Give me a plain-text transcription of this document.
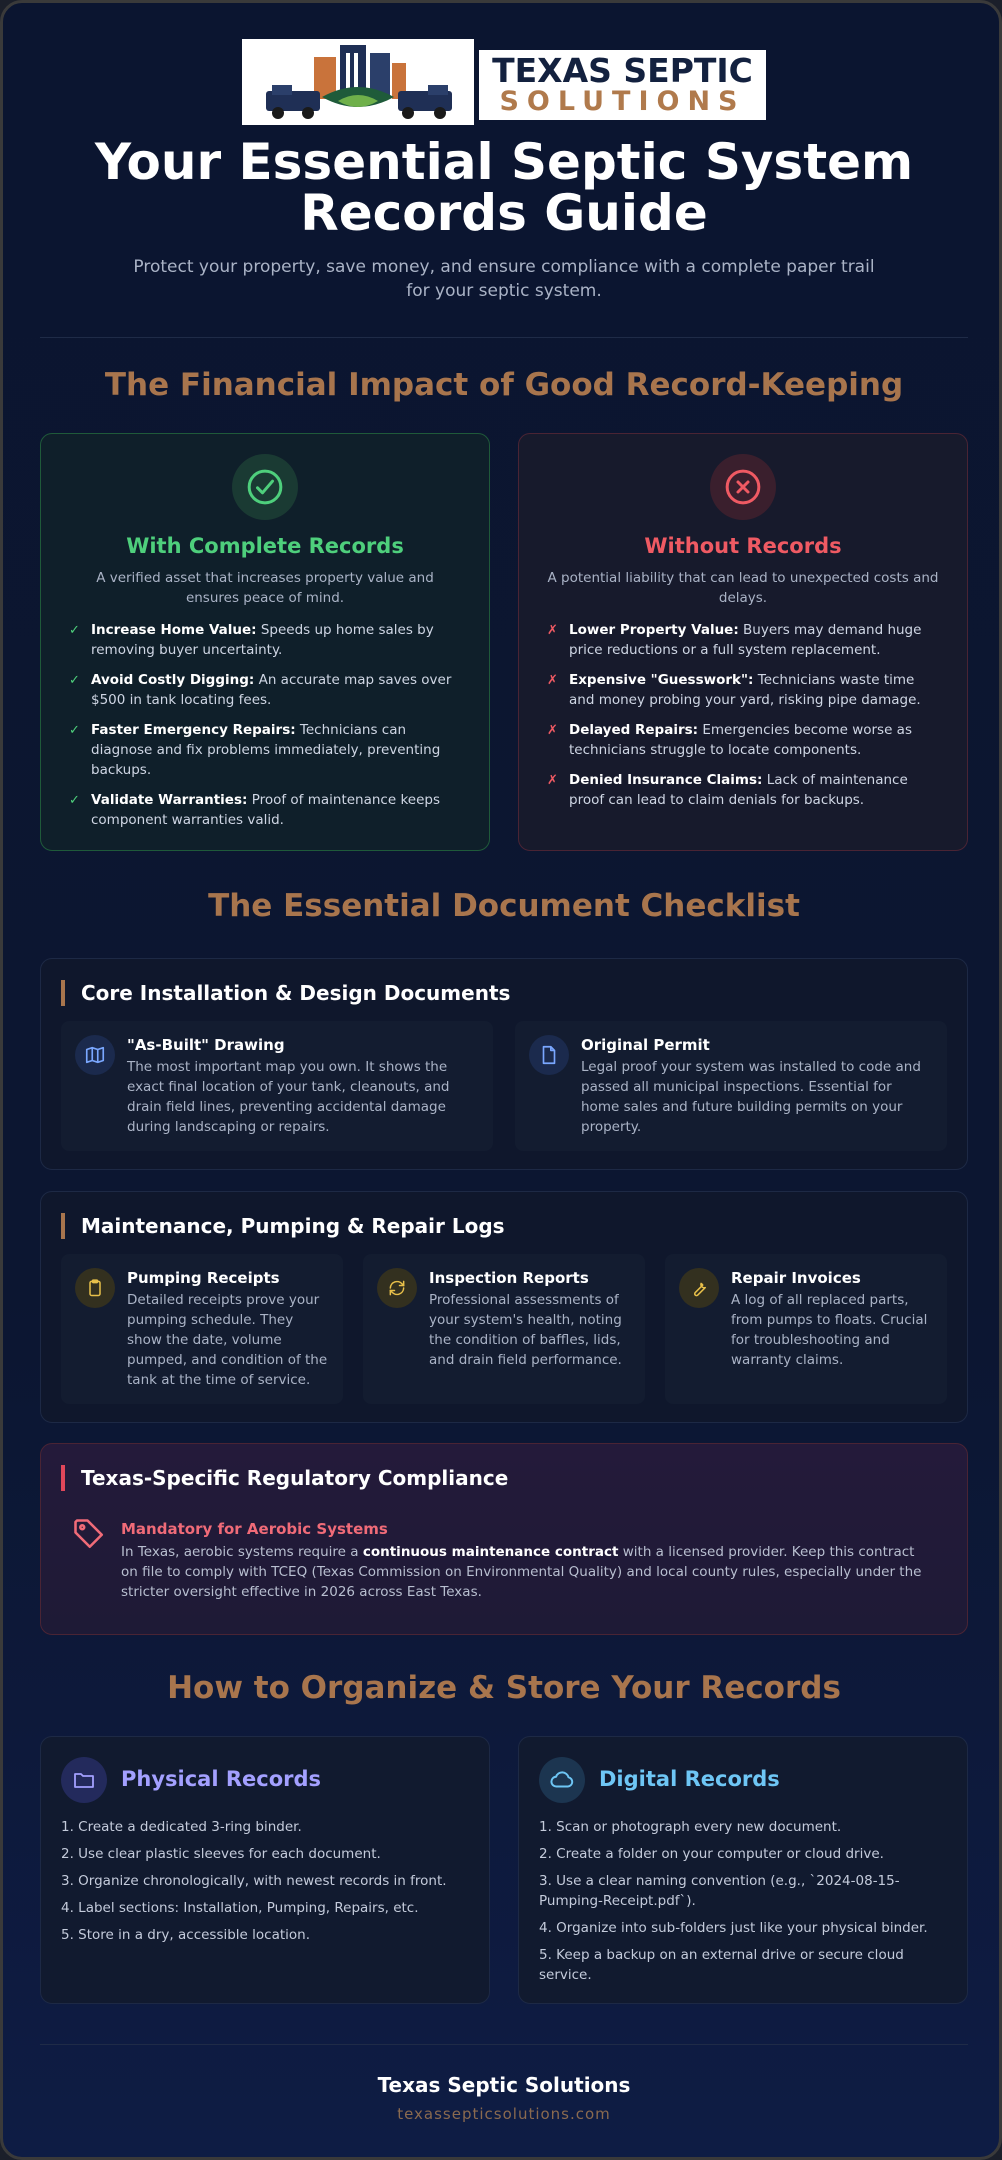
TEXAS SEPTIC
SOLUTIONS
Your Essential Septic System Records Guide

Protect your property, save money, and ensure compliance with a complete paper trail for your septic system.

The Financial Impact of Good Record-Keeping
With Complete Records
A verified asset that increases property value and ensures peace of mind.
✓ Increase Home Value: Speeds up home sales by removing buyer uncertainty.
✓ Avoid Costly Digging: An accurate map saves over $500 in tank locating fees.
✓ Faster Emergency Repairs: Technicians can diagnose and fix problems immediately, preventing backups.
✓ Validate Warranties: Proof of maintenance keeps component warranties valid.
Without Records
A potential liability that can lead to unexpected costs and delays.
✗ Lower Property Value: Buyers may demand huge price reductions or a full system replacement.
✗ Expensive "Guesswork": Technicians waste time and money probing your yard, risking pipe damage.
✗ Delayed Repairs: Emergencies become worse as technicians struggle to locate components.
✗ Denied Insurance Claims: Lack of maintenance proof can lead to claim denials for backups.
The Essential Document Checklist
Core Installation & Design Documents
"As-Built" Drawing
The most important map you own. It shows the exact final location of your tank, cleanouts, and drain field lines, preventing accidental damage during landscaping or repairs.
Original Permit
Legal proof your system was installed to code and passed all municipal inspections. Essential for home sales and future building permits on your property.
Maintenance, Pumping & Repair Logs
Pumping Receipts
Detailed receipts prove your pumping schedule. They show the date, volume pumped, and condition of the tank at the time of service.
Inspection Reports
Professional assessments of your system's health, noting the condition of baffles, lids, and drain field performance.
Repair Invoices
A log of all replaced parts, from pumps to floats. Crucial for troubleshooting and warranty claims.
Texas-Specific Regulatory Compliance
Mandatory for Aerobic Systems
In Texas, aerobic systems require a continuous maintenance contract with a licensed provider. Keep this contract on file to comply with TCEQ (Texas Commission on Environmental Quality) and local county rules, especially under the stricter oversight effective in 2026 across East Texas.
How to Organize & Store Your Records
Physical Records
1. Create a dedicated 3-ring binder.
2. Use clear plastic sleeves for each document.
3. Organize chronologically, with newest records in front.
4. Label sections: Installation, Pumping, Repairs, etc.
5. Store in a dry, accessible location.
Digital Records
1. Scan or photograph every new document.
2. Create a folder on your computer or cloud drive.
3. Use a clear naming convention (e.g., `2024-08-15-Pumping-Receipt.pdf`).
4. Organize into sub-folders just like your physical binder.
5. Keep a backup on an external drive or secure cloud service.
Texas Septic Solutions
texassepticsolutions.com
